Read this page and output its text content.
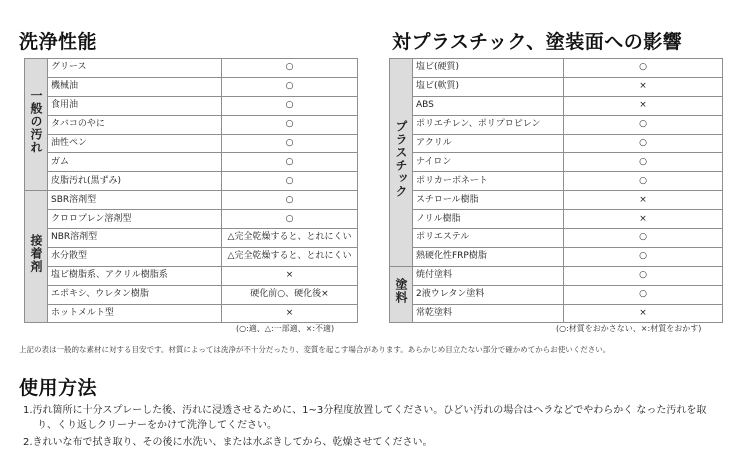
洗浄性能
一般の汚れ	グリース	○
	機械油	○
	食用油	○
	タバコのやに	○
	油性ペン	○
	ガム	○
	皮脂汚れ(黒ずみ)	○
接着剤	SBR溶剤型	○
	クロロプレン溶剤型	○
	NBR溶剤型	△完全乾燥すると、とれにくい
	水分散型	△完全乾燥すると、とれにくい
	塩ビ樹脂系、アクリル樹脂系	×
	エポキシ、ウレタン樹脂	硬化前○、硬化後×
	ホットメルト型	×
(○:適、△:一部適、×:不適)
対プラスチック、塗装面への影響
プラスチック	塩ビ(硬質)	○
	塩ビ(軟質)	×
	ABS	×
	ポリエチレン、ポリプロピレン	○
	アクリル	○
	ナイロン	○
	ポリカーボネート	○
	スチロール樹脂	×
	ノリル樹脂	×
	ポリエステル	○
	熱硬化性FRP樹脂	○
塗料	焼付塗料	○
	2液ウレタン塗料	○
	常乾塗料	×
(○:材質をおかさない、×:材質をおかす)
上記の表は一般的な素材に対する目安です。材質によっては洗浄が不十分だったり、変質を起こす場合があります。あらかじめ目立たない部分で確かめてからお使いください。
使用方法
1.汚れ箇所に十分スプレーした後、汚れに浸透させるために、1~3分程度放置してください。ひどい汚れの場合はヘラなどでやわらかく なった汚れを取り、くり返しクリーナーをかけて洗浄してください。
2.きれいな布で拭き取り、その後に水洗い、または水ぶきしてから、乾燥させてください。
